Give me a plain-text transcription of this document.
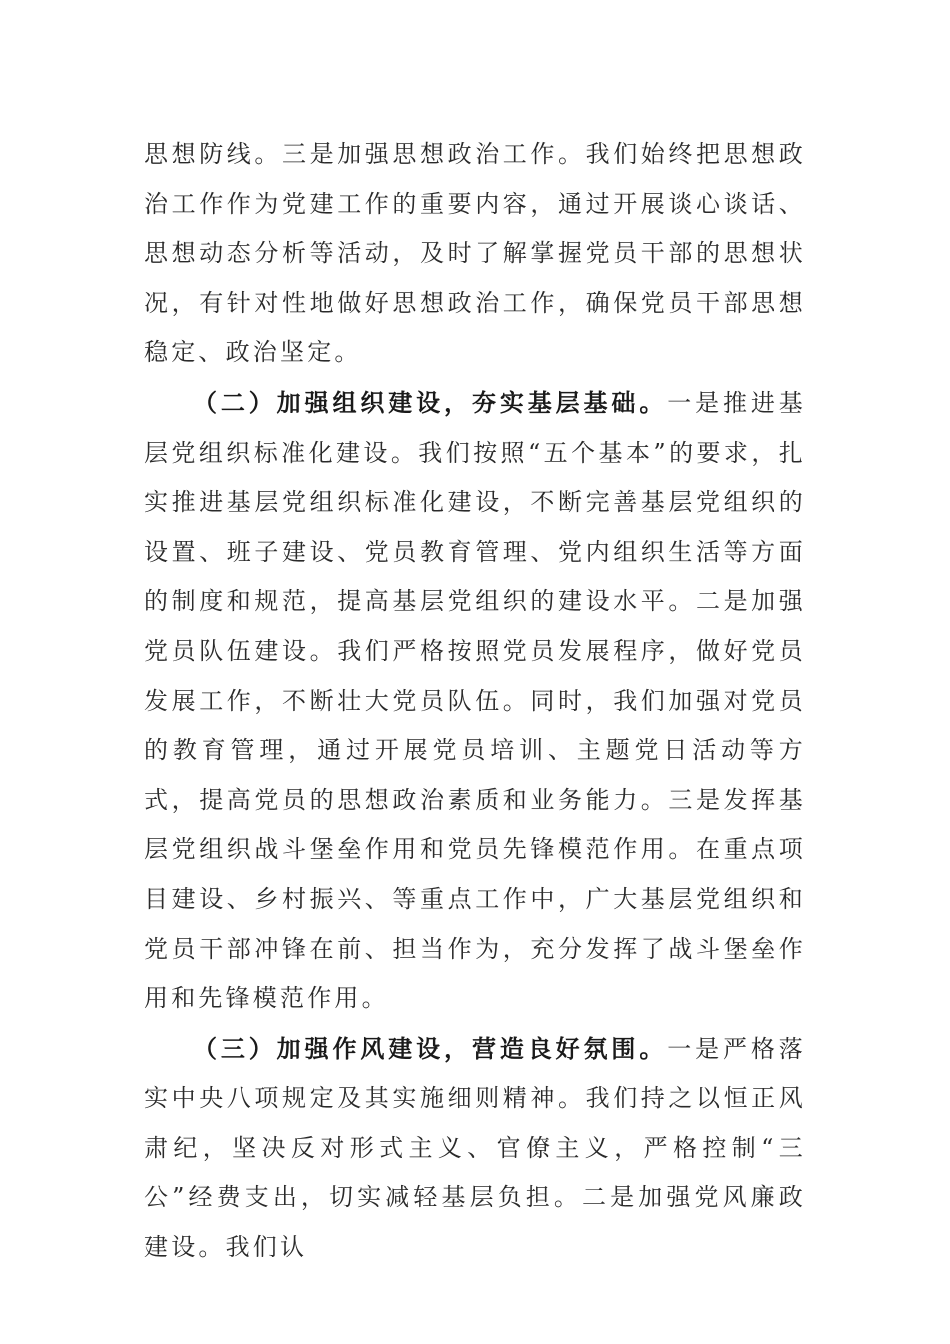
思想防线。三是加强思想政治工作。我们始终把思想政治工作作为党建工作的重要内容，通过开展谈心谈话、思想动态分析等活动，及时了解掌握党员干部的思想状况，有针对性地做好思想政治工作，确保党员干部思想稳定、政治坚定。

（二）加强组织建设，夯实基层基础。一是推进基层党组织标准化建设。我们按照“五个基本”的要求，扎实推进基层党组织标准化建设，不断完善基层党组织的设置、班子建设、党员教育管理、党内组织生活等方面的制度和规范，提高基层党组织的建设水平。二是加强党员队伍建设。我们严格按照党员发展程序，做好党员发展工作，不断壮大党员队伍。同时，我们加强对党员的教育管理，通过开展党员培训、主题党日活动等方式，提高党员的思想政治素质和业务能力。三是发挥基层党组织战斗堡垒作用和党员先锋模范作用。在重点项目建设、乡村振兴、等重点工作中，广大基层党组织和党员干部冲锋在前、担当作为，充分发挥了战斗堡垒作用和先锋模范作用。

（三）加强作风建设，营造良好氛围。一是严格落实中央八项规定及其实施细则精神。我们持之以恒正风肃纪，坚决反对形式主义、官僚主义，严格控制“三公”经费支出，切实减轻基层负担。二是加强党风廉政建设。我们认
